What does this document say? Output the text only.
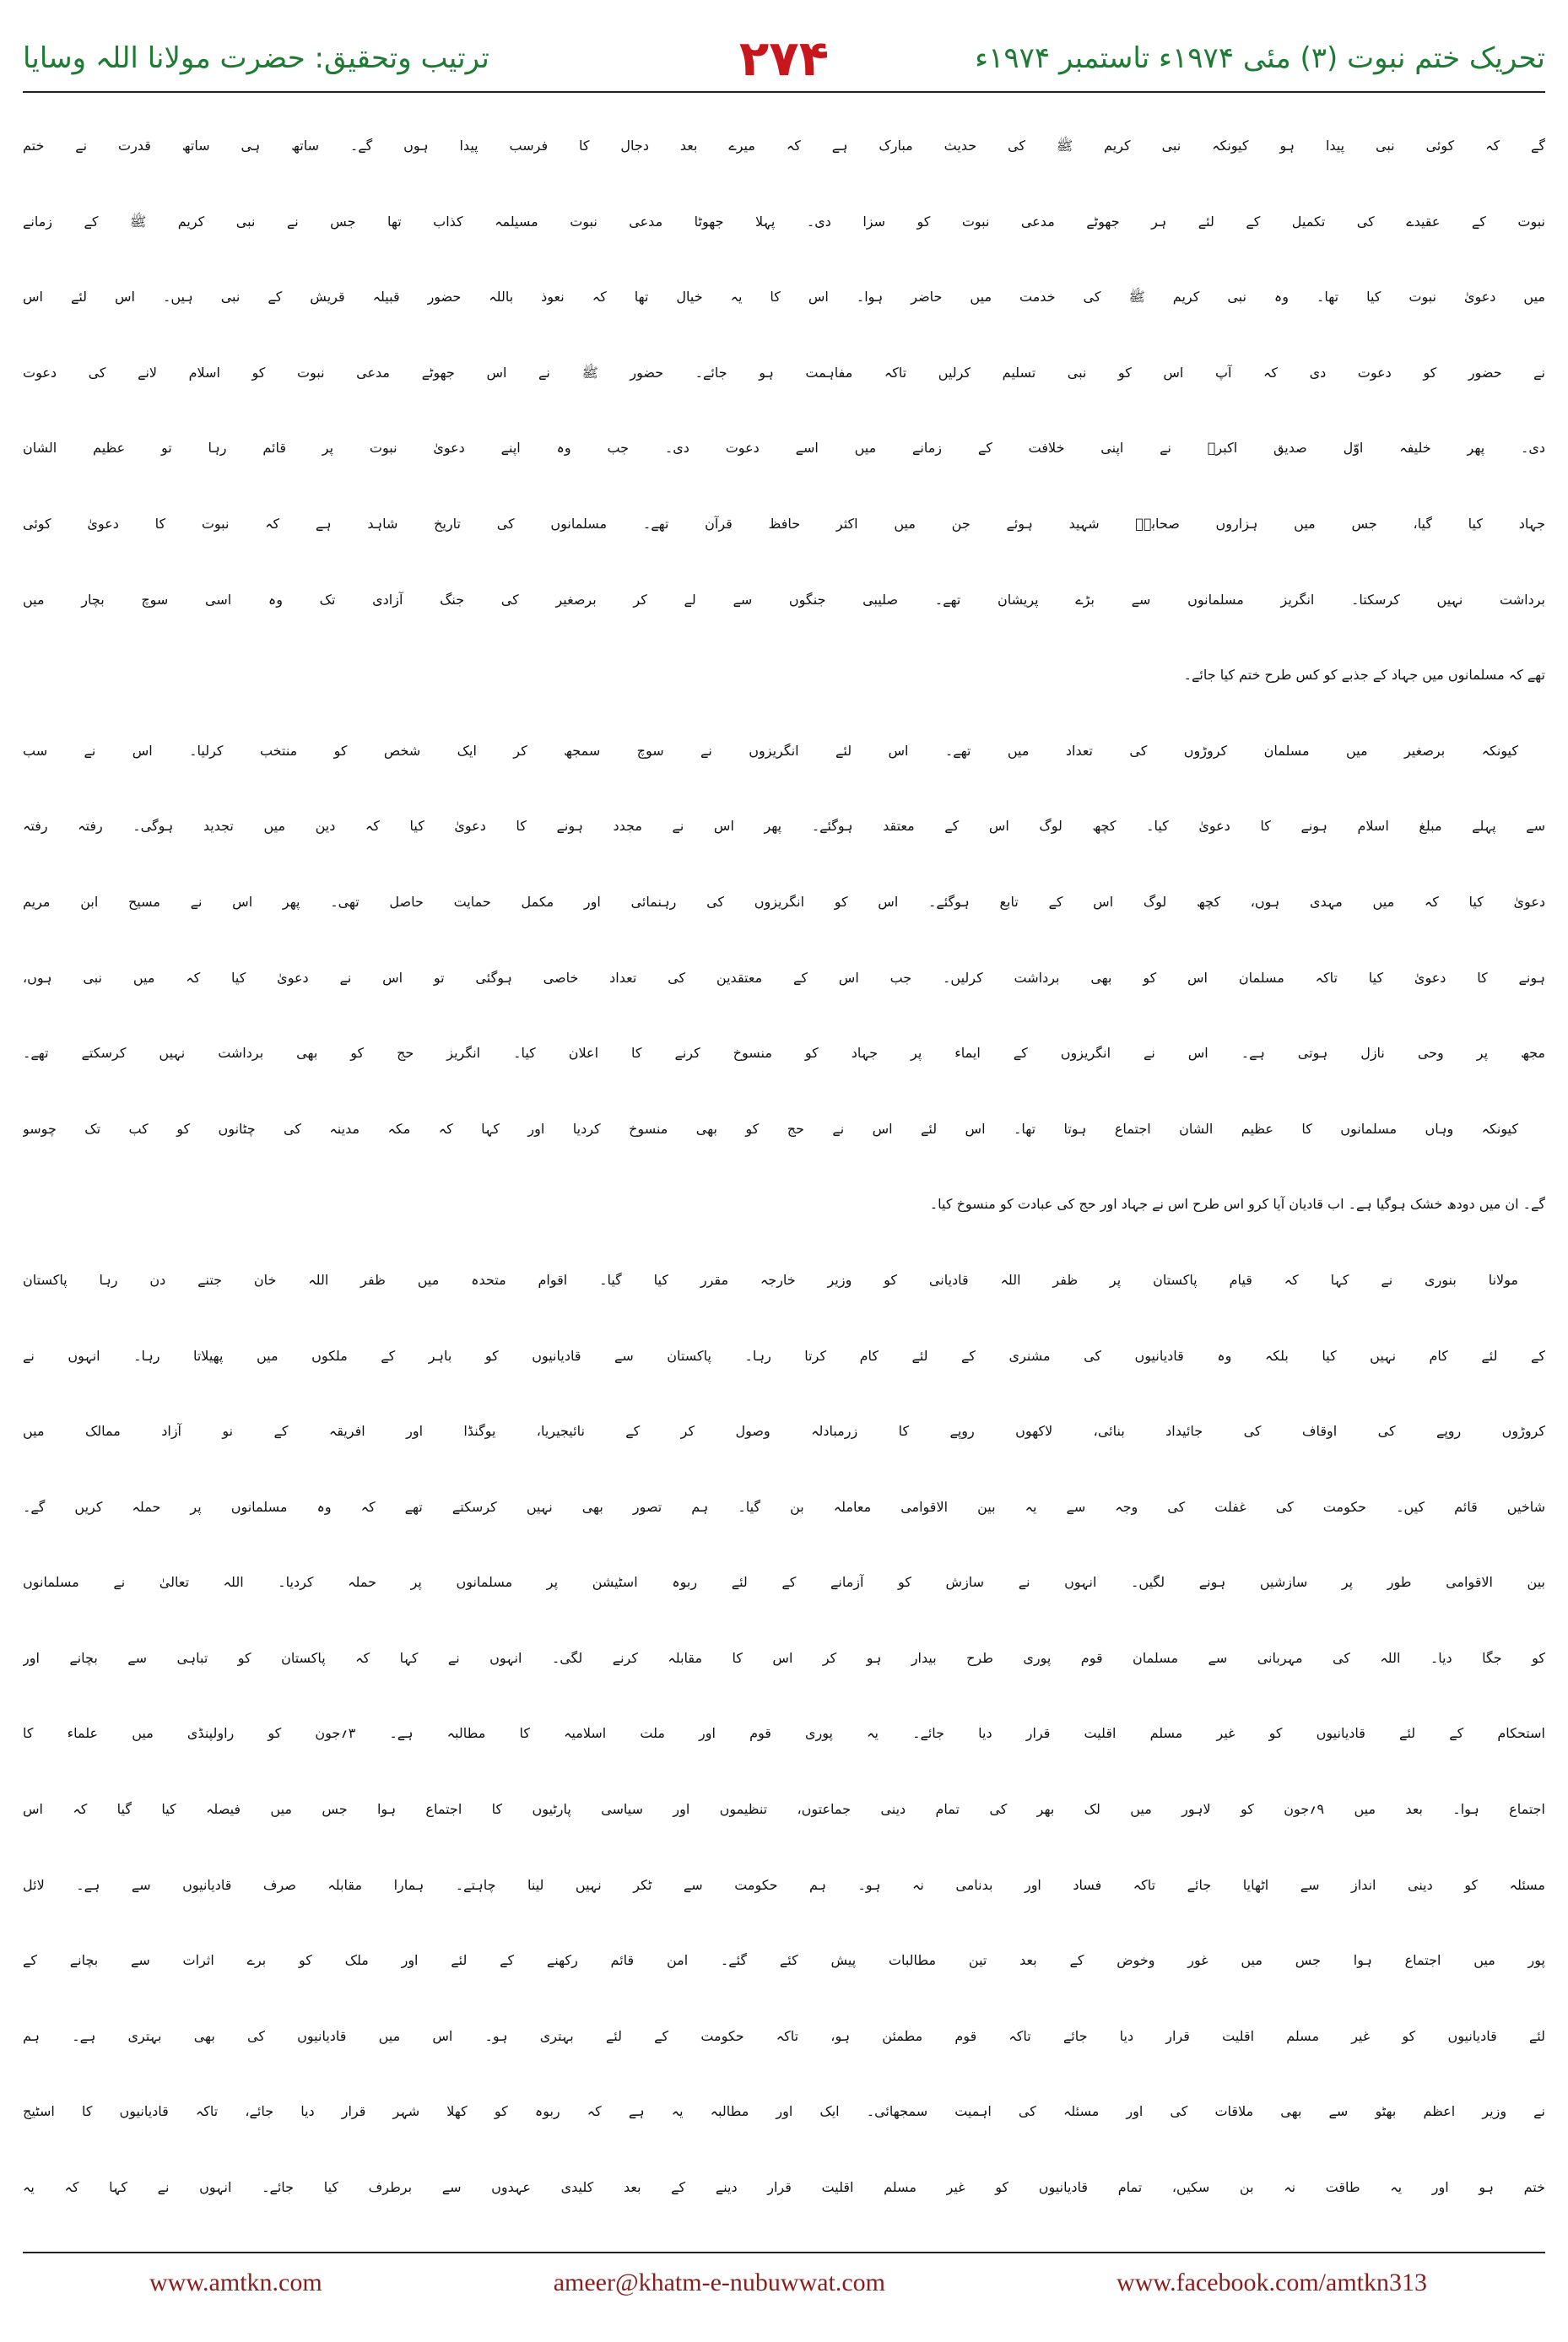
تحریک ختم نبوت (۳) مئی ۱۹۷۴ء تاستمبر ۱۹۷۴ء
۲۷۴
ترتیب وتحقیق: حضرت مولانا اللہ وسایا
گے کہ کوئی نبی پیدا ہو کیونکہ نبی کریم ﷺ کی حدیث مبارک ہے کہ میرے بعد دجال کا فرسب پیدا ہوں گے۔ ساتھ ہی ساتھ قدرت نے ختم
نبوت کے عقیدے کی تکمیل کے لئے ہر جھوٹے مدعی نبوت کو سزا دی۔ پہلا جھوٹا مدعی نبوت مسیلمہ کذاب تھا جس نے نبی کریم ﷺ کے زمانے
میں دعویٰ نبوت کیا تھا۔ وہ نبی کریم ﷺ کی خدمت میں حاضر ہوا۔ اس کا یہ خیال تھا کہ نعوذ باللہ حضور قبیلہ قریش کے نبی ہیں۔ اس لئے اس
نے حضور کو دعوت دی کہ آپ اس کو نبی تسلیم کرلیں تاکہ مفاہمت ہو جائے۔ حضور ﷺ نے اس جھوٹے مدعی نبوت کو اسلام لانے کی دعوت
دی۔ پھر خلیفہ اوّل صدیق اکبرؓ نے اپنی خلافت کے زمانے میں اسے دعوت دی۔ جب وہ اپنے دعویٰ نبوت پر قائم رہا تو عظیم الشان
جہاد کیا گیا، جس میں ہزاروں صحابہؓ شہید ہوئے جن میں اکثر حافظ قرآن تھے۔ مسلمانوں کی تاریخ شاہد ہے کہ نبوت کا دعویٰ کوئی
برداشت نہیں کرسکتا۔ انگریز مسلمانوں سے بڑے پریشان تھے۔ صلیبی جنگوں سے لے کر برصغیر کی جنگ آزادی تک وہ اسی سوچ بچار میں
تھے کہ مسلمانوں میں جہاد کے جذبے کو کس طرح ختم کیا جائے۔
کیونکہ برصغیر میں مسلمان کروڑوں کی تعداد میں تھے۔ اس لئے انگریزوں نے سوچ سمجھ کر ایک شخص کو منتخب کرلیا۔ اس نے سب
سے پہلے مبلغ اسلام ہونے کا دعویٰ کیا۔ کچھ لوگ اس کے معتقد ہوگئے۔ پھر اس نے مجدد ہونے کا دعویٰ کیا کہ دین میں تجدید ہوگی۔ رفتہ رفتہ
دعویٰ کیا کہ میں مہدی ہوں، کچھ لوگ اس کے تابع ہوگئے۔ اس کو انگریزوں کی رہنمائی اور مکمل حمایت حاصل تھی۔ پھر اس نے مسیح ابن مریم
ہونے کا دعویٰ کیا تاکہ مسلمان اس کو بھی برداشت کرلیں۔ جب اس کے معتقدین کی تعداد خاصی ہوگئی تو اس نے دعویٰ کیا کہ میں نبی ہوں،
مجھ پر وحی نازل ہوتی ہے۔ اس نے انگریزوں کے ایماء پر جہاد کو منسوخ کرنے کا اعلان کیا۔ انگریز حج کو بھی برداشت نہیں کرسکتے تھے۔
کیونکہ وہاں مسلمانوں کا عظیم الشان اجتماع ہوتا تھا۔ اس لئے اس نے حج کو بھی منسوخ کردیا اور کہا کہ مکہ مدینہ کی چٹانوں کو کب تک چوسو
گے۔ ان میں دودھ خشک ہوگیا ہے۔ اب قادیان آیا کرو اس طرح اس نے جہاد اور حج کی عبادت کو منسوخ کیا۔
مولانا بنوری نے کہا کہ قیام پاکستان پر ظفر اللہ قادیانی کو وزیر خارجہ مقرر کیا گیا۔ اقوام متحدہ میں ظفر اللہ خان جتنے دن رہا پاکستان
کے لئے کام نہیں کیا بلکہ وہ قادیانیوں کی مشنری کے لئے کام کرتا رہا۔ پاکستان سے قادیانیوں کو باہر کے ملکوں میں پھیلاتا رہا۔ انہوں نے
کروڑوں روپے کی اوقاف کی جائیداد بنائی، لاکھوں روپے کا زرمبادلہ وصول کر کے نائیجیریا، یوگنڈا اور افریقہ کے نو آزاد ممالک میں
شاخیں قائم کیں۔ حکومت کی غفلت کی وجہ سے یہ بین الاقوامی معاملہ بن گیا۔ ہم تصور بھی نہیں کرسکتے تھے کہ وہ مسلمانوں پر حملہ کریں گے۔
بین الاقوامی طور پر سازشیں ہونے لگیں۔ انہوں نے سازش کو آزمانے کے لئے ربوہ اسٹیشن پر مسلمانوں پر حملہ کردیا۔ اللہ تعالیٰ نے مسلمانوں
کو جگا دیا۔ اللہ کی مہربانی سے مسلمان قوم پوری طرح بیدار ہو کر اس کا مقابلہ کرنے لگی۔ انہوں نے کہا کہ پاکستان کو تباہی سے بچانے اور
استحکام کے لئے قادیانیوں کو غیر مسلم اقلیت قرار دیا جائے۔ یہ پوری قوم اور ملت اسلامیہ کا مطالبہ ہے۔ ۳؍جون کو راولپنڈی میں علماء کا
اجتماع ہوا۔ بعد میں ۹؍جون کو لاہور میں لک بھر کی تمام دینی جماعتوں، تنظیموں اور سیاسی پارٹیوں کا اجتماع ہوا جس میں فیصلہ کیا گیا کہ اس
مسئلہ کو دینی انداز سے اٹھایا جائے تاکہ فساد اور بدنامی نہ ہو۔ ہم حکومت سے ٹکر نہیں لینا چاہتے۔ ہمارا مقابلہ صرف قادیانیوں سے ہے۔ لائل
پور میں اجتماع ہوا جس میں غور وخوض کے بعد تین مطالبات پیش کئے گئے۔ امن قائم رکھنے کے لئے اور ملک کو برے اثرات سے بچانے کے
لئے قادیانیوں کو غیر مسلم اقلیت قرار دیا جائے تاکہ قوم مطمئن ہو، تاکہ حکومت کے لئے بہتری ہو۔ اس میں قادیانیوں کی بھی بہتری ہے۔ ہم
نے وزیر اعظم بھٹو سے بھی ملاقات کی اور مسئلہ کی اہمیت سمجھائی۔ ایک اور مطالبہ یہ ہے کہ ربوہ کو کھلا شہر قرار دیا جائے، تاکہ قادیانیوں کا اسٹیج
ختم ہو اور یہ طاقت نہ بن سکیں، تمام قادیانیوں کو غیر مسلم اقلیت قرار دینے کے بعد کلیدی عہدوں سے برطرف کیا جائے۔ انہوں نے کہا کہ یہ
www.amtkn.com	ameer@khatm-e-nubuwwat.com	www.facebook.com/amtkn313
